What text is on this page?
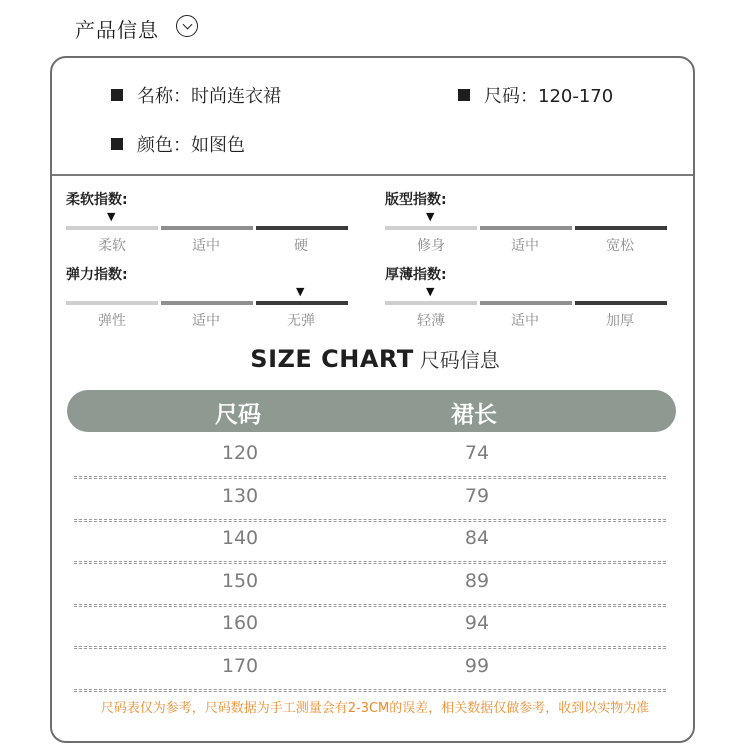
产品信息
名称：时尚连衣裙	尺码：120-170
颜色：如图色
柔软指数:
▼
柔软	适中	硬
版型指数:
▼
修身	适中	宽松
弹力指数:
▼
弹性	适中	无弹
厚薄指数:
▼
轻薄	适中	加厚
SIZE CHART 尺码信息
尺码	裙长
120	74
130	79
140	84
150	89
160	94
170	99
尺码表仅为参考，尺码数据为手工测量会有2-3CM的误差，相关数据仅做参考，收到以实物为准
